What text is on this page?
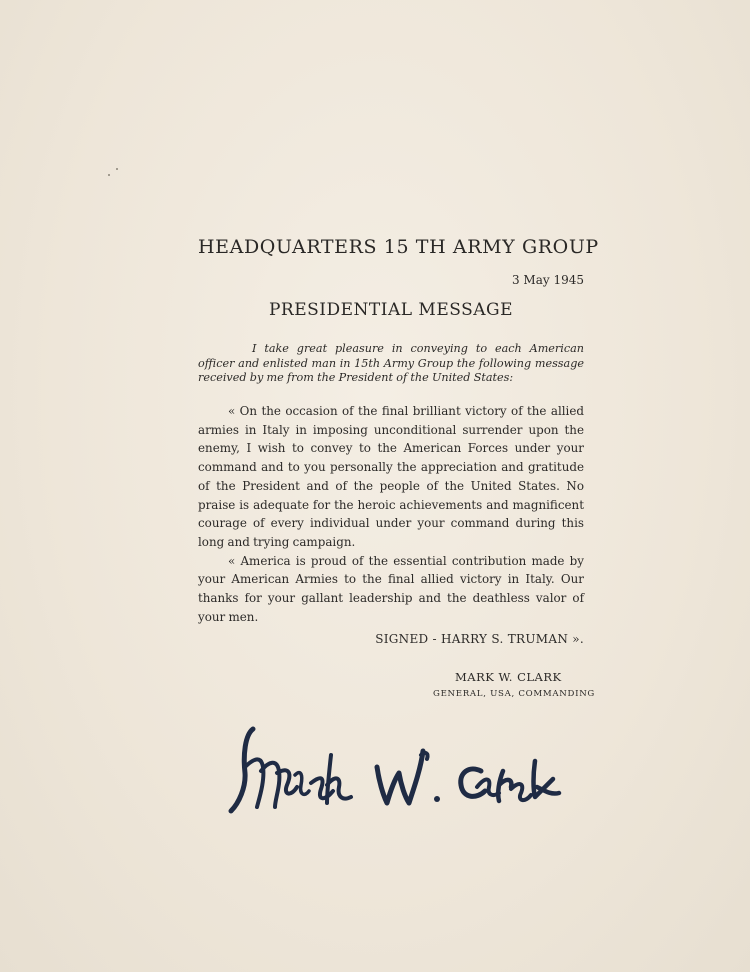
HEADQUARTERS 15 TH ARMY GROUP
3 May 1945
PRESIDENTIAL MESSAGE
I take great pleasure in conveying to each American officer and enlisted man in 15th Army Group the following message received by me from the President of the United States:

« On the occasion of the final brilliant victory of the allied armies in Italy in imposing unconditional surrender upon the enemy, I wish to convey to the American Forces under your command and to you personally the appreciation and gratitude of the President and of the people of the United States. No praise is adequate for the heroic achievements and magnificent courage of every individual under your command during this long and trying campaign.

« America is proud of the essential contribution made by your American Armies to the final allied victory in Italy. Our thanks for your gallant leadership and the deathless valor of your men.

SIGNED - HARRY S. TRUMAN ».
MARK W. CLARK
GENERAL, USA, COMMANDING
